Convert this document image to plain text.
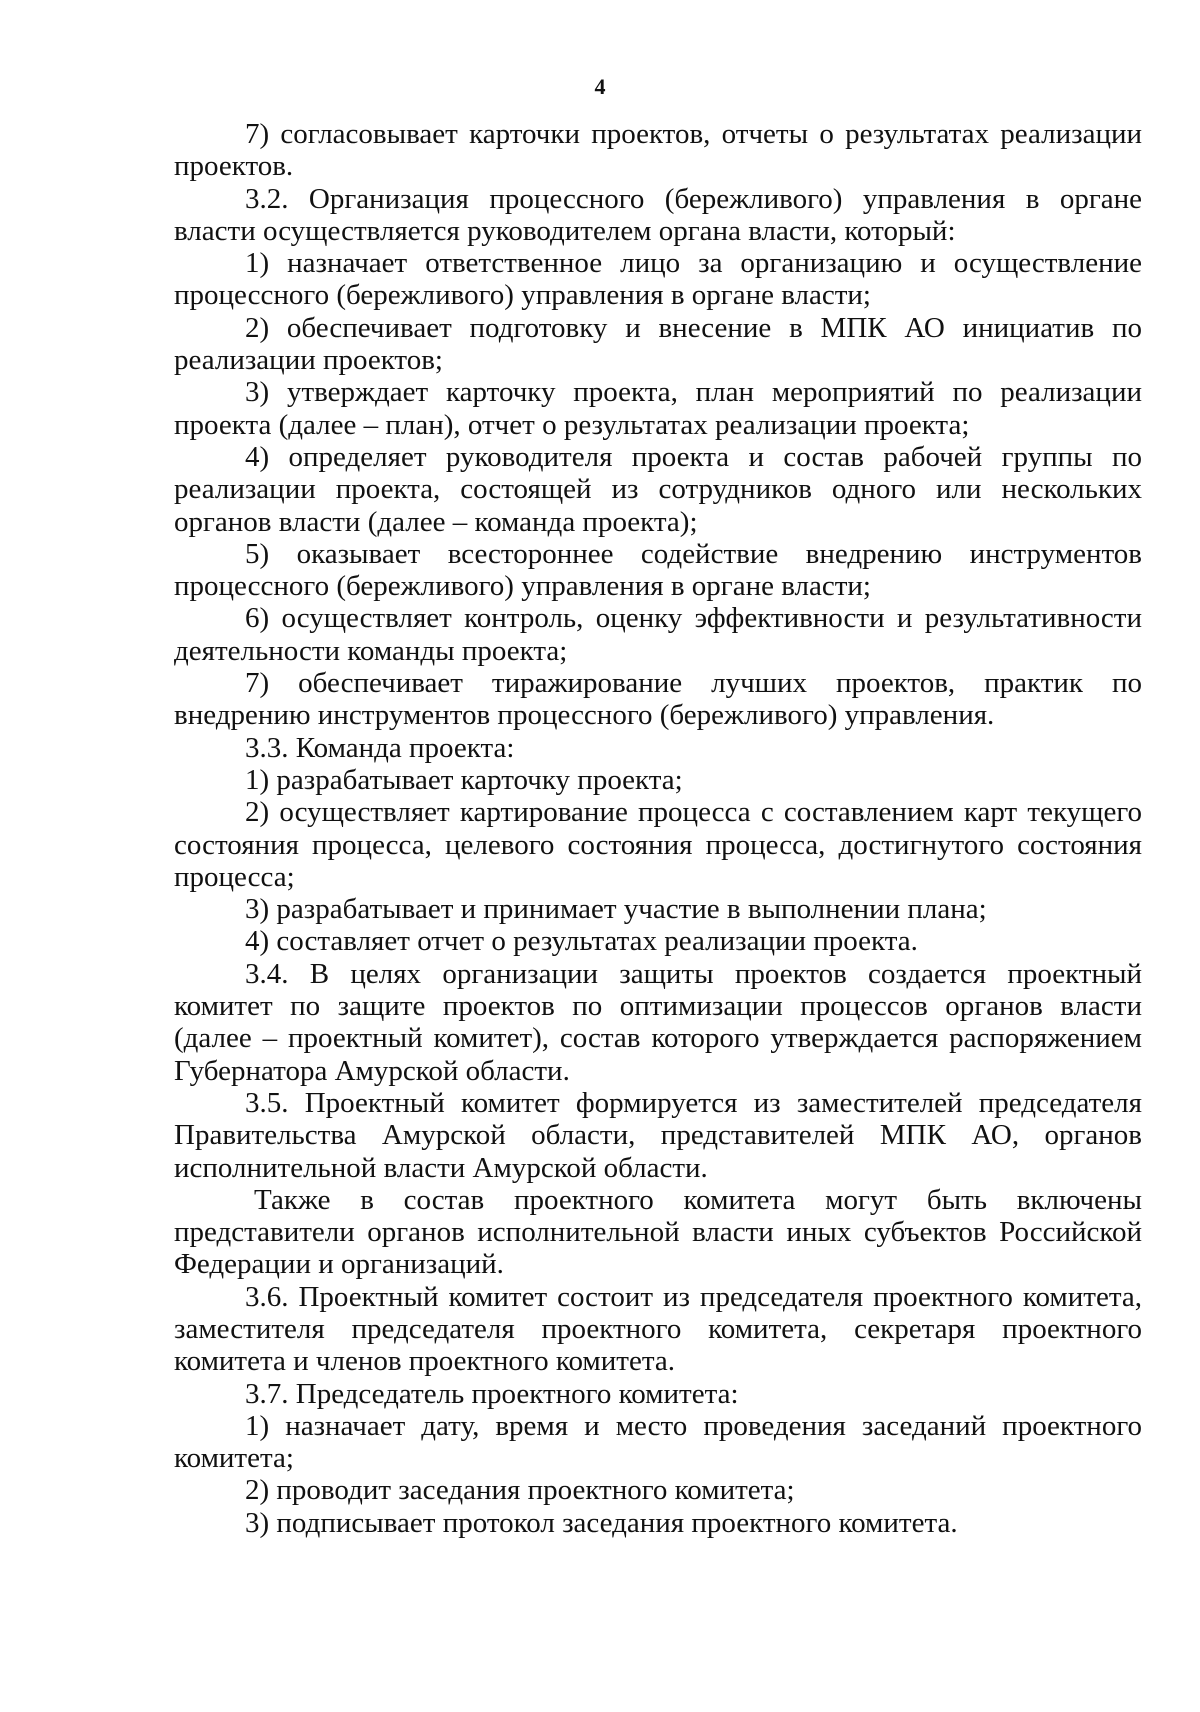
4

7) согласовывает карточки проектов, отчеты о результатах реализации проектов.

3.2. Организация процессного (бережливого) управления в органе власти осуществляется руководителем органа власти, который:

1) назначает ответственное лицо за организацию и осуществление процессного (бережливого) управления в органе власти;

2) обеспечивает подготовку и внесение в МПК АО инициатив по реализации проектов;

3) утверждает карточку проекта, план мероприятий по реализации проекта (далее – план), отчет о результатах реализации проекта;

4) определяет руководителя проекта и состав рабочей группы по реализации проекта, состоящей из сотрудников одного или нескольких органов власти (далее – команда проекта);

5) оказывает всестороннее содействие внедрению инструментов процессного (бережливого) управления в органе власти;

6) осуществляет контроль, оценку эффективности и результативности деятельности команды проекта;

7) обеспечивает тиражирование лучших проектов, практик по внедрению инструментов процессного (бережливого) управления.

3.3. Команда проекта:

1) разрабатывает карточку проекта;

2) осуществляет картирование процесса с составлением карт текущего состояния процесса, целевого состояния процесса, достигнутого состояния процесса;

3) разрабатывает и принимает участие в выполнении плана;

4) составляет отчет о результатах реализации проекта.

3.4. В целях организации защиты проектов создается проектный комитет по защите проектов по оптимизации процессов органов власти (далее – проектный комитет), состав которого утверждается распоряжением Губернатора Амурской области.

3.5. Проектный комитет формируется из заместителей председателя Правительства Амурской области, представителей МПК АО, органов исполнительной власти Амурской области.

Также в состав проектного комитета могут быть включены представители органов исполнительной власти иных субъектов Российской Федерации и организаций.

3.6. Проектный комитет состоит из председателя проектного комитета, заместителя председателя проектного комитета, секретаря проектного комитета и членов проектного комитета.

3.7. Председатель проектного комитета:

1) назначает дату, время и место проведения заседаний проектного комитета;

2) проводит заседания проектного комитета;

3) подписывает протокол заседания проектного комитета.
